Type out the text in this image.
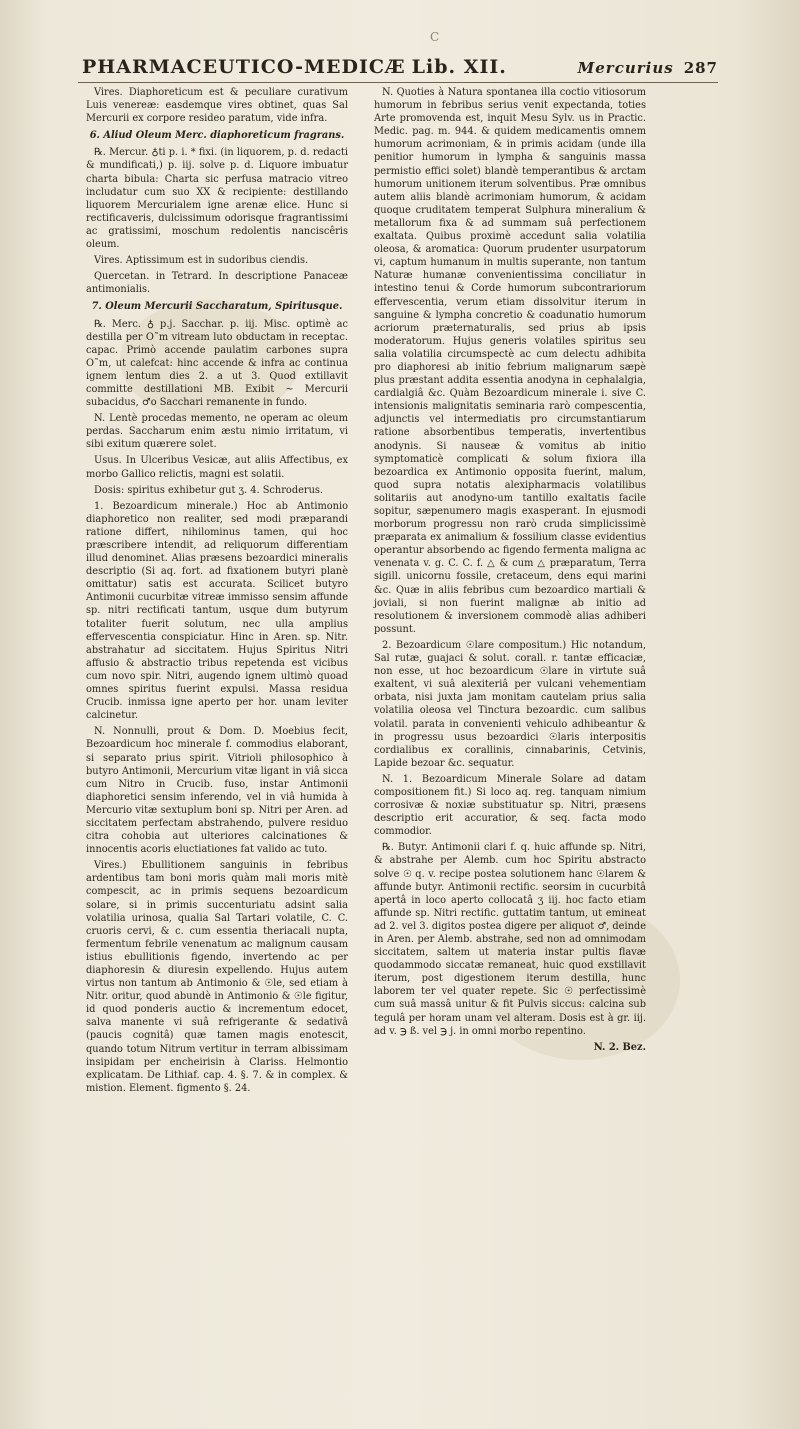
C
PHARMACEUTICO-MEDICÆ Lib. XII.	Mercurius 287

Vires. Diaphoreticum est & peculiare curativum Luis venereæ: easdemque vires obtinet, quas Sal Mercurii ex corpore resideo paratum, vide infra.

6. Aliud Oleum Merc. diaphoreticum fragrans.

℞. Mercur. ♁ti p. i. * fixi. (in liquorem, p. d. redacti & mundificati,) p. iij. solve p. d. Liquore imbuatur charta bibula: Charta sic perfusa matracio vitreo includatur cum suo XX & recipiente: destillando liquorem Mercurialem igne arenæ elice. Hunc si rectificaveris, dulcissimum odorisque fragrantissimi ac gratissimi, moschum redolentis nanciscêris oleum.

Vires. Aptissimum est in sudoribus ciendis.

Quercetan. in Tetrard. In descriptione Panaceæ antimonialis.

7. Oleum Mercurii Saccharatum, Spiritusque.

℞. Merc. ♁ p.j. Sacchar. p. iij. Misc. optimè ac destilla per O˜m vitream luto obductam in receptac. capac. Primò accende paulatim carbones supra O˜m, ut calefcat: hinc accende & infra ac continua ignem lentum dies 2. a ut 3. Quod extillavit committe destillationi MB. Exibit ~ Mercurii subacidus, ♂o Sacchari remanente in fundo.

N. Lentè procedas memento, ne operam ac oleum perdas. Saccharum enim æstu nimio irritatum, vi sibi exitum quærere solet.

Usus. In Ulceribus Vesicæ, aut aliis Affectibus, ex morbo Gallico relictis, magni est solatii.

Dosis: spiritus exhibetur gut ʒ. 4. Schroderus.

1. Bezoardicum minerale.) Hoc ab Antimonio diaphoretico non realiter, sed modi præparandi ratione differt, nihilominus tamen, qui hoc præscribere intendit, ad reliquorum differentiam illud denominet. Alias præsens bezoardici mineralis descriptio (Si aq. fort. ad fixationem butyri planè omittatur) satis est accurata. Scilicet butyro Antimonii cucurbitæ vitreæ immisso sensim affunde sp. nitri rectificati tantum, usque dum butyrum totaliter fuerit solutum, nec ulla amplius effervescentia conspiciatur. Hinc in Aren. sp. Nitr. abstrahatur ad siccitatem. Hujus Spiritus Nitri affusio & abstractio tribus repetenda est vicibus cum novo spir. Nitri, augendo ignem ultimò quoad omnes spiritus fuerint expulsi. Massa residua Crucib. inmissa igne aperto per hor. unam leviter calcinetur.

N. Nonnulli, prout & Dom. D. Moebius fecit, Bezoardicum hoc minerale f. commodius elaborant, si separato prius spirit. Vitrioli philosophico à butyro Antimonii, Mercurium vitæ ligant in viâ sicca cum Nitro in Crucib. fuso, instar Antimonii diaphoretici sensim inferendo, vel in viâ humida à Mercurio vitæ sextuplum boni sp. Nitri per Aren. ad siccitatem perfectam abstrahendo, pulvere residuo citra cohobia aut ulteriores calcinationes & innocentis acoris eluctiationes fat valido ac tuto.

Vires.) Ebullitionem sanguinis in febribus ardentibus tam boni moris quàm mali moris mitè compescit, ac in primis sequens bezoardicum solare, si in primis succenturiatu adsint salia volatilia urinosa, qualia Sal Tartari volatile, C. C. cruoris cervi, & c. cum essentia theriacali nupta, fermentum febrile venenatum ac malignum causam istius ebullitionis figendo, invertendo ac per diaphoresin & diuresin expellendo. Hujus autem virtus non tantum ab Antimonio & ☉le, sed etiam à Nitr. oritur, quod abundè in Antimonio & ☉le figitur, id quod ponderis auctio & incrementum edocet, salva manente vi suâ refrigerante & sedativâ (paucis cognitâ) quæ tamen magis enotescit, quando totum Nitrum vertitur in terram albissimam insipidam per encheirisin à Clariss. Helmontio explicatam. De Lithiaf. cap. 4. §. 7. & in complex. & mistion. Element. figmento §. 24.

N. Quoties à Natura spontanea illa coctio vitiosorum humorum in febribus serius venit expectanda, toties Arte promovenda est, inquit Mesu Sylv. us in Practic. Medic. pag. m. 944. & quidem medicamentis omnem humorum acrimoniam, & in primis acidam (unde illa penitior humorum in lympha & sanguinis massa permistio effici solet) blandè temperantibus & arctam humorum unitionem iterum solventibus. Præ omnibus autem aliis blandè acrimoniam humorum, & acidam quoque cruditatem temperat Sulphura mineralium & metallorum fixa & ad summam suâ perfectionem exaltata. Quibus proximè accedunt salia volatilia oleosa, & aromatica: Quorum prudenter usurpatorum vi, captum humanum in multis superante, non tantum Naturæ humanæ convenientissima conciliatur in intestino tenui & Corde humorum subcontrariorum effervescentia, verum etiam dissolvitur iterum in sanguine & lympha concretio & coadunatio humorum acriorum præternaturalis, sed prius ab ipsis moderatorum. Hujus generis volatiles spiritus seu salia volatilia circumspectè ac cum delectu adhibita pro diaphoresi ab initio febrium malignarum sæpè plus præstant addita essentia anodyna in cephalalgia, cardialgiâ &c. Quàm Bezoardicum minerale i. sive C. intensionis malignitatis seminaria rarò compescentia, adjunctis vel intermediatis pro circumstantiarum ratione absorbentibus temperatis, invertentibus anodynis. Si nauseæ & vomitus ab initio symptomaticè complicati & solum fixiora illa bezoardica ex Antimonio opposita fuerint, malum, quod supra notatis alexipharmacis volatilibus solitariis aut anodyno-um tantillo exaltatis facile sopitur, sæpenumero magis exasperant. In ejusmodi morborum progressu non rarò cruda simplicissimè præparata ex animalium & fossilium classe evidentius operantur absorbendo ac figendo fermenta maligna ac venenata v. g. C. C. f. △ & cum △ præparatum, Terra sigill. unicornu fossile, cretaceum, dens equi marini &c. Quæ in aliis febribus cum bezoardico martiali & joviali, si non fuerint malignæ ab initio ad resolutionem & inversionem commodè alias adhiberi possunt.

2. Bezoardicum ☉lare compositum.) Hic notandum, Sal rutæ, guajaci & solut. corall. r. tantæ efficaciæ, non esse, ut hoc bezoardicum ☉lare in virtute suâ exaltent, vi suâ alexiteriâ per vulcani vehementiam orbata, nisi juxta jam monitam cautelam prius salia volatilia oleosa vel Tinctura bezoardic. cum salibus volatil. parata in convenienti vehiculo adhibeantur & in progressu usus bezoardici ☉laris interpositis cordialibus ex corallinis, cinnabarinis, Cetvinis, Lapide bezoar &c. sequatur.

N. 1. Bezoardicum Minerale Solare ad datam compositionem fit.) Si loco aq. reg. tanquam nimium corrosivæ & noxiæ substituatur sp. Nitri, præsens descriptio erit accuratior, & seq. facta modo commodior.

℞. Butyr. Antimonii clari f. q. huic affunde sp. Nitri, & abstrahe per Alemb. cum hoc Spiritu abstracto solve ☉ q. v. recipe postea solutionem hanc ☉larem & affunde butyr. Antimonii rectific. seorsim in cucurbitâ apertâ in loco aperto collocatâ ʒ iij. hoc facto etiam affunde sp. Nitri rectific. guttatim tantum, ut emineat ad 2. vel 3. digitos postea digere per aliquot ♂, deinde in Aren. per Alemb. abstrahe, sed non ad omnimodam siccitatem, saltem ut materia instar pultis flavæ quodammodo siccatæ remaneat, huic quod exstillavit iterum, post digestionem iterum destilla, hunc laborem ter vel quater repete. Sic ☉ perfectissimè cum suâ massâ unitur & fit Pulvis siccus: calcina sub tegulâ per horam unam vel alteram. Dosis est à gr. iij. ad v. ℈ ß. vel ℈ j. in omni morbo repentino.

N. 2. Bez.
